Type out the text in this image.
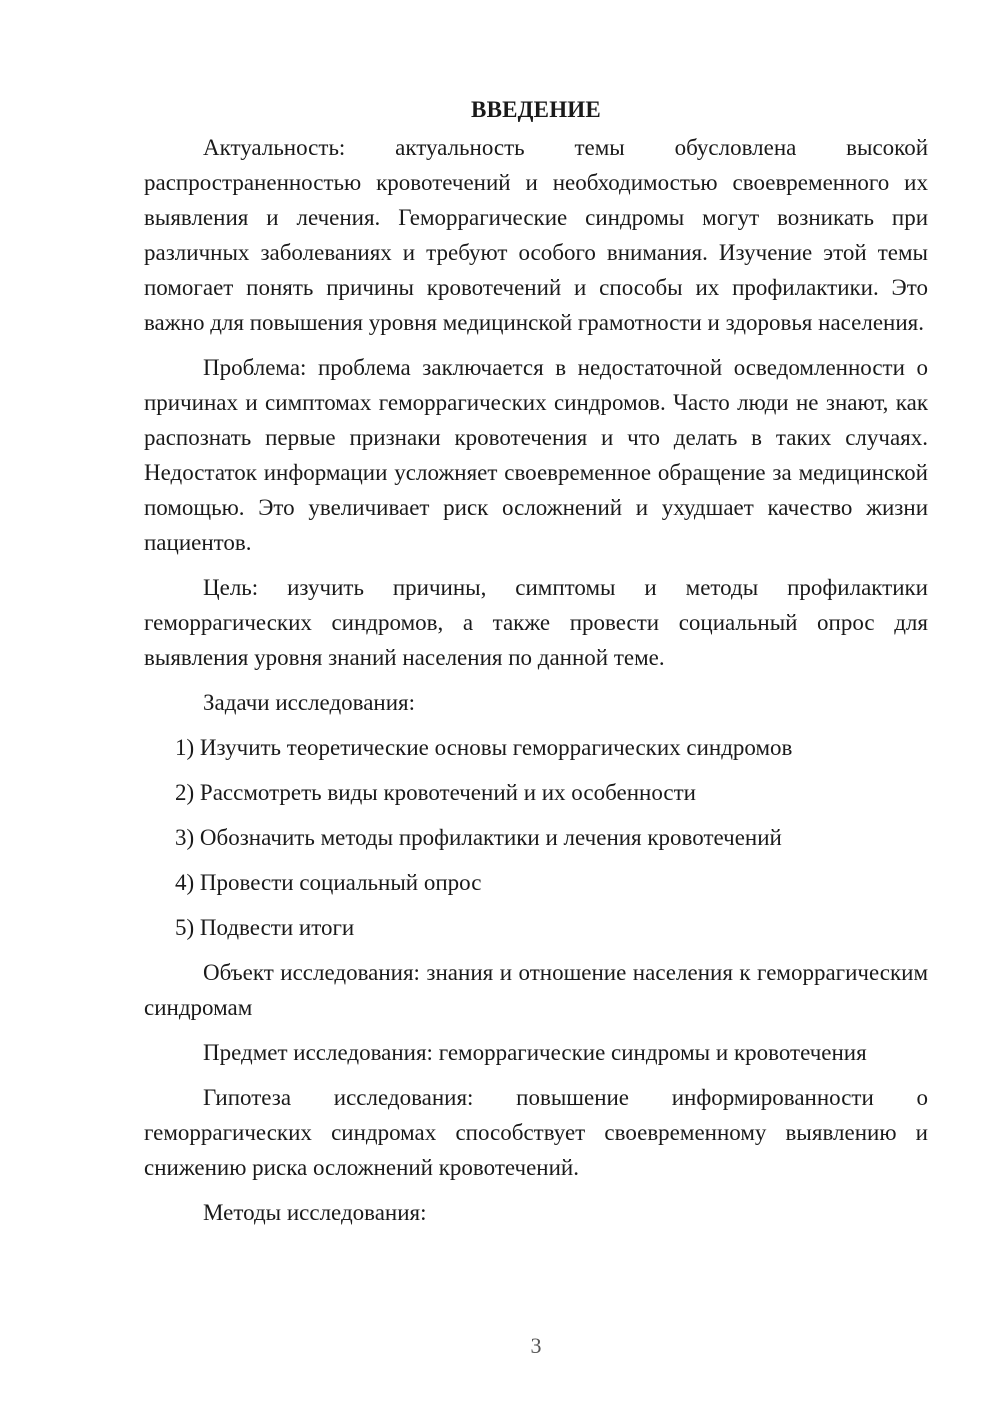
ВВЕДЕНИЕ

Актуальность: актуальность темы обусловлена высокой распространенностью кровотечений и необходимостью своевременного их выявления и лечения. Геморрагические синдромы могут возникать при различных заболеваниях и требуют особого внимания. Изучение этой темы помогает понять причины кровотечений и способы их профилактики. Это важно для повышения уровня медицинской грамотности и здоровья населения.

Проблема: проблема заключается в недостаточной осведомленности о причинах и симптомах геморрагических синдромов. Часто люди не знают, как распознать первые признаки кровотечения и что делать в таких случаях. Недостаток информации усложняет своевременное обращение за медицинской помощью. Это увеличивает риск осложнений и ухудшает качество жизни пациентов.

Цель: изучить причины, симптомы и методы профилактики геморрагических синдромов, а также провести социальный опрос для выявления уровня знаний населения по данной теме.

Задачи исследования:

1) Изучить теоретические основы геморрагических синдромов
2) Рассмотреть виды кровотечений и их особенности
3) Обозначить методы профилактики и лечения кровотечений
4) Провести социальный опрос
5) Подвести итоги

Объект исследования: знания и отношение населения к геморрагическим синдромам

Предмет исследования: геморрагические синдромы и кровотечения

Гипотеза исследования: повышение информированности о геморрагических синдромах способствует своевременному выявлению и снижению риска осложнений кровотечений.

Методы исследования:

3
